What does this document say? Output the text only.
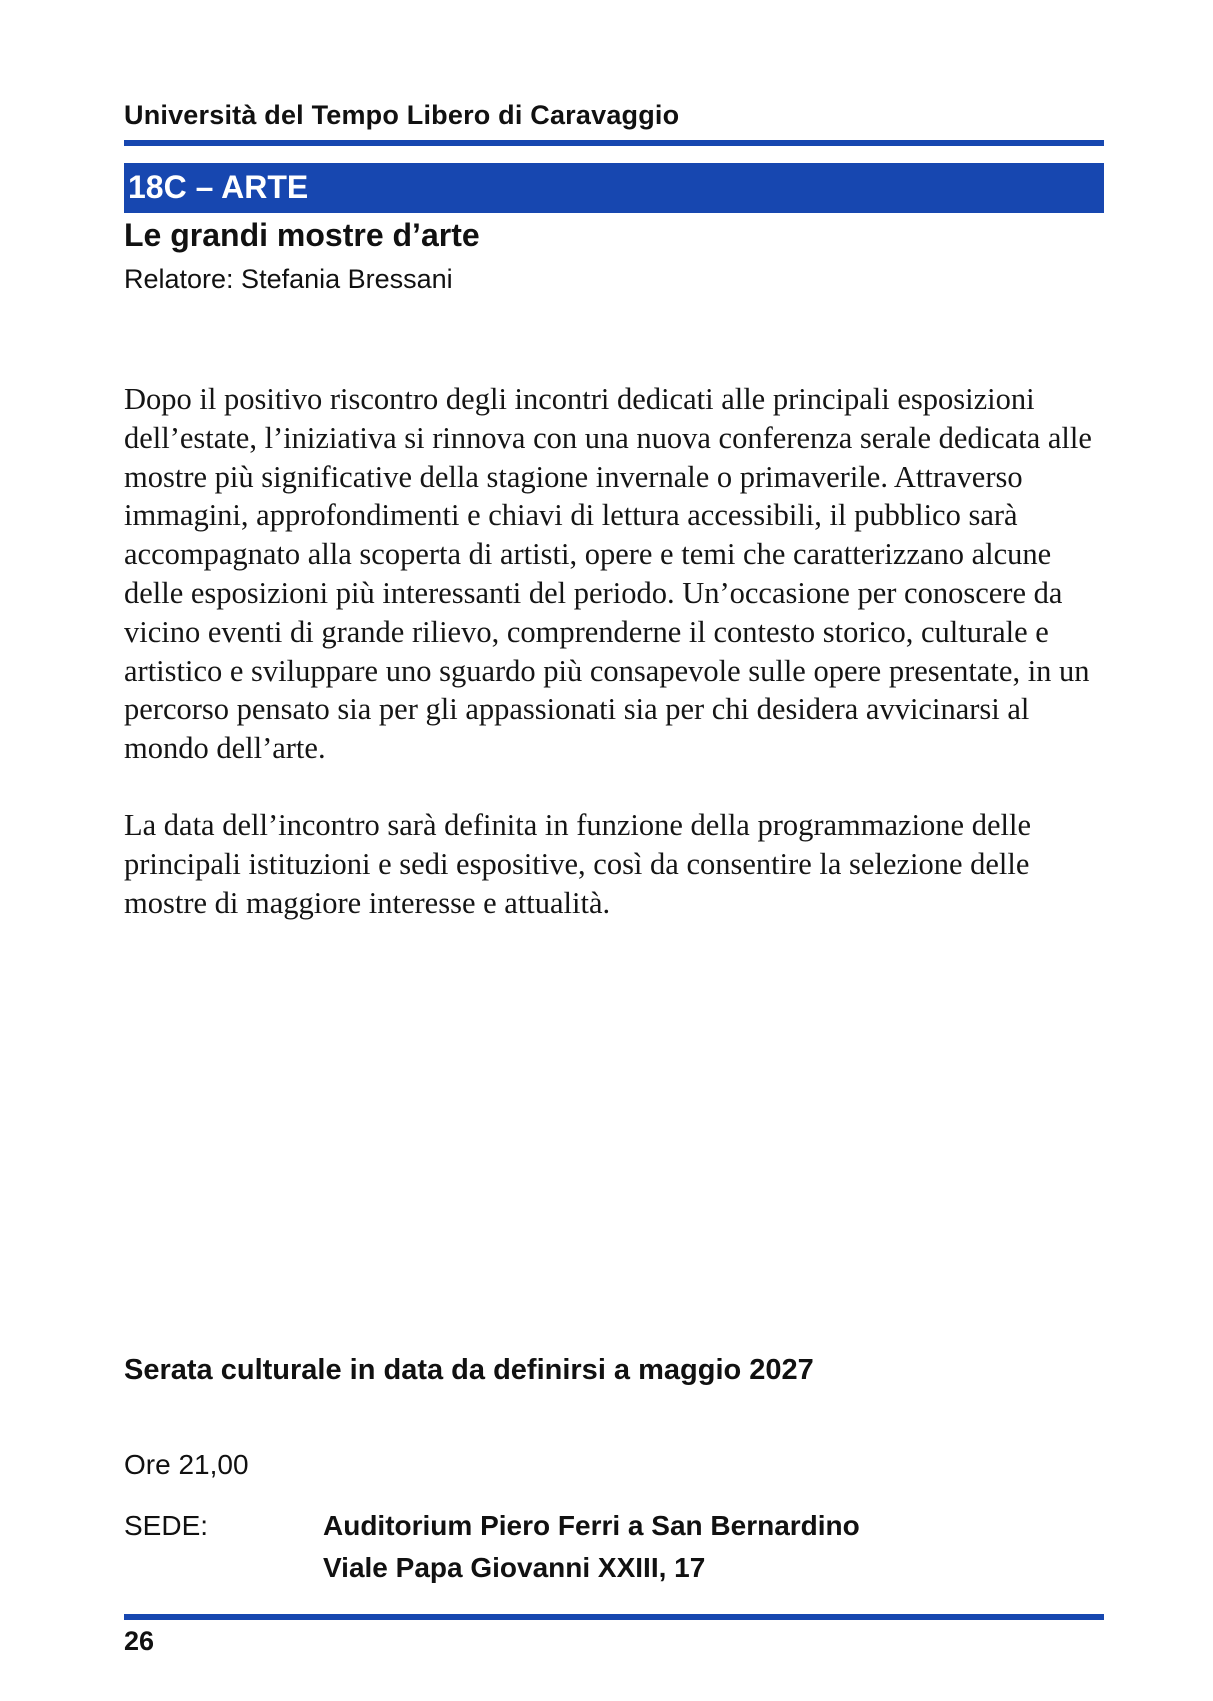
Università del Tempo Libero di Caravaggio
18C – ARTE
Le grandi mostre d’arte
Relatore: Stefania Bressani

Dopo il positivo riscontro degli incontri dedicati alle principali esposizioni dell’estate, l’iniziativa si rinnova con una nuova conferenza serale dedicata alle mostre più significative della stagione invernale o primaverile. Attraverso immagini, approfondimenti e chiavi di lettura accessibili, il pubblico sarà accompagnato alla scoperta di artisti, opere e temi che caratterizzano alcune delle esposizioni più interessanti del periodo. Un’occasione per conoscere da vicino eventi di grande rilievo, comprenderne il contesto storico, culturale e artistico e sviluppare uno sguardo più consapevole sulle opere presentate, in un percorso pensato sia per gli appassionati sia per chi desidera avvicinarsi al mondo dell’arte.

La data dell’incontro sarà definita in funzione della programmazione delle principali istituzioni e sedi espositive, così da consentire la selezione delle mostre di maggiore interesse e attualità.

Serata culturale in data da definirsi a maggio 2027
Ore 21,00
SEDE:	Auditorium Piero Ferri a San Bernardino
Viale Papa Giovanni XXIII, 17
26
